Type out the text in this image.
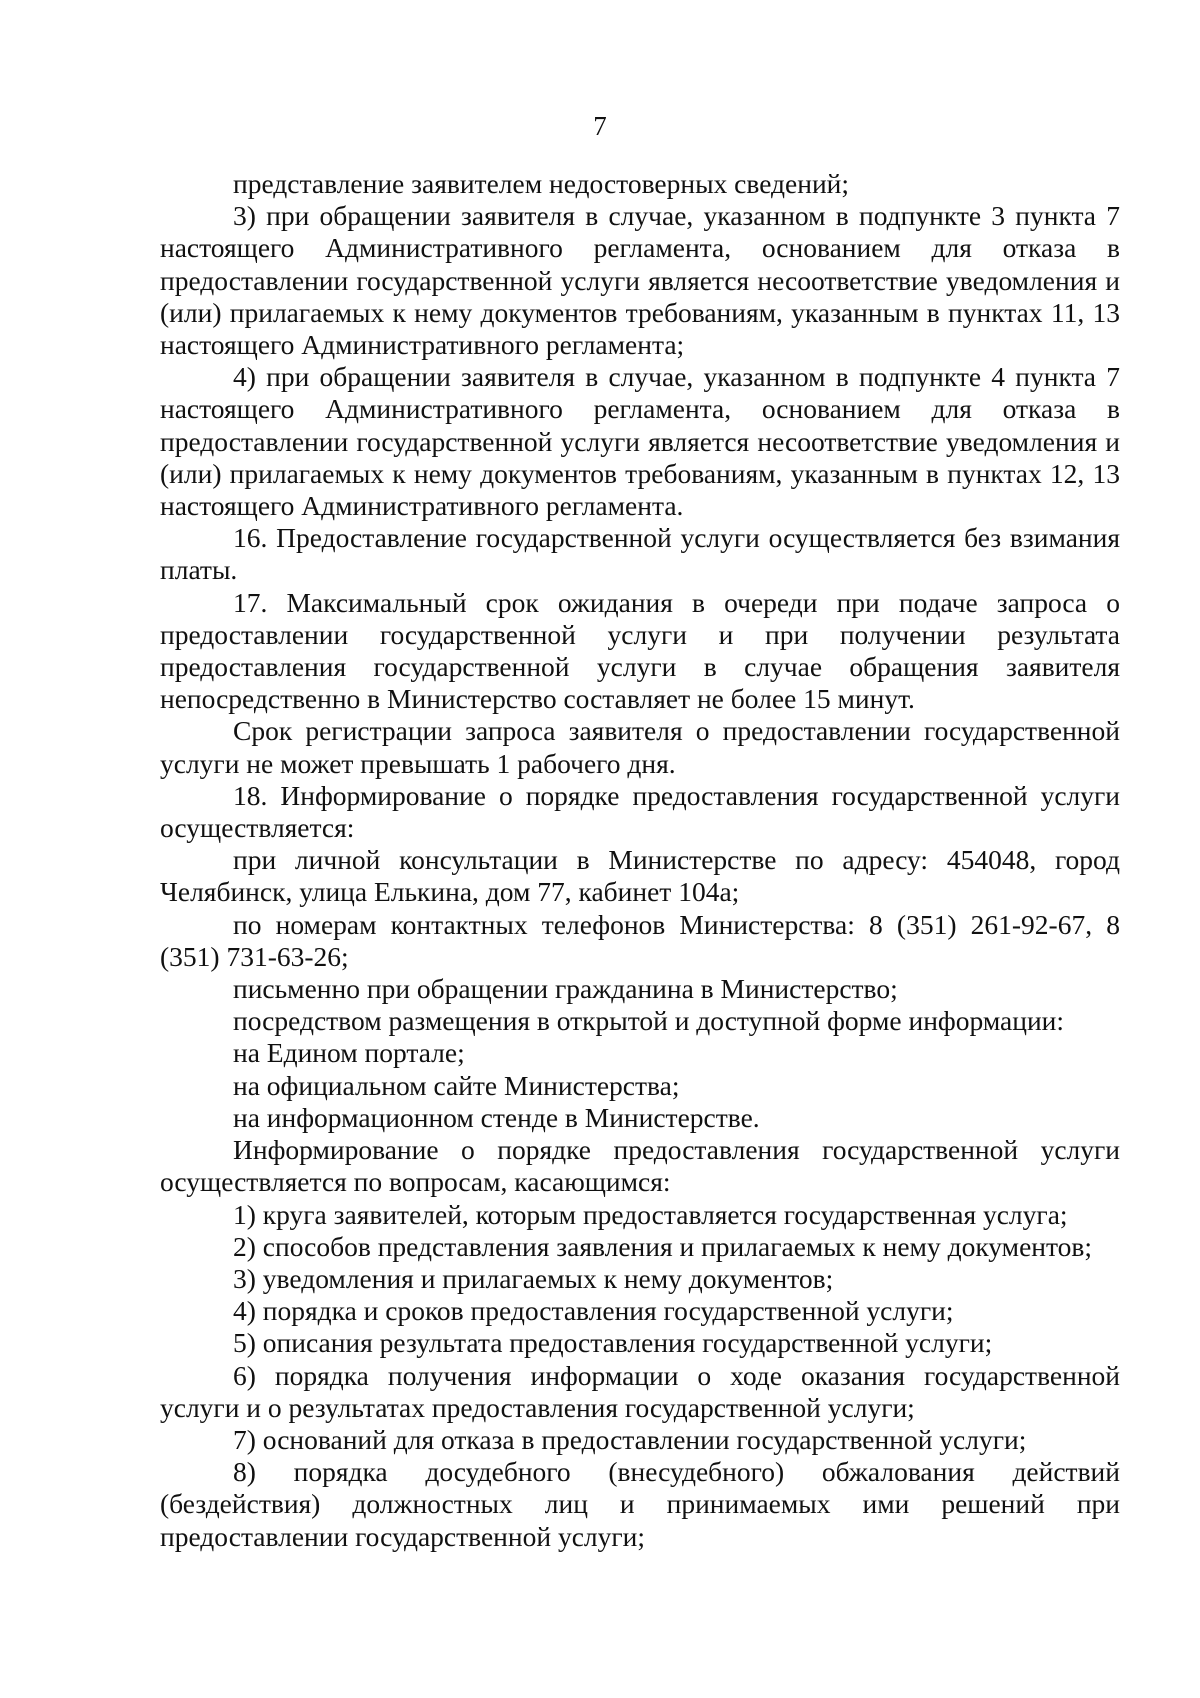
7

представление заявителем недостоверных сведений;

3) при обращении заявителя в случае, указанном в подпункте 3 пункта 7 настоящего Административного регламента, основанием для отказа в предоставлении государственной услуги является несоответствие уведомления и (или) прилагаемых к нему документов требованиям, указанным в пунктах 11, 13 настоящего Административного регламента;

4) при обращении заявителя в случае, указанном в подпункте 4 пункта 7 настоящего Административного регламента, основанием для отказа в предоставлении государственной услуги является несоответствие уведомления и (или) прилагаемых к нему документов требованиям, указанным в пунктах 12, 13 настоящего Административного регламента.

16. Предоставление государственной услуги осуществляется без взимания платы.

17. Максимальный срок ожидания в очереди при подаче запроса о предоставлении государственной услуги и при получении результата предоставления государственной услуги в случае обращения заявителя непосредственно в Министерство составляет не более 15 минут.

Срок регистрации запроса заявителя о предоставлении государственной услуги не может превышать 1 рабочего дня.

18. Информирование о порядке предоставления государственной услуги осуществляется:

при личной консультации в Министерстве по адресу: 454048, город Челябинск, улица Елькина, дом 77, кабинет 104а;

по номерам контактных телефонов Министерства: 8 (351) 261-92-67, 8 (351) 731-63-26;

письменно при обращении гражданина в Министерство;

посредством размещения в открытой и доступной форме информации:

на Едином портале;

на официальном сайте Министерства;

на информационном стенде в Министерстве.

Информирование о порядке предоставления государственной услуги осуществляется по вопросам, касающимся:

1) круга заявителей, которым предоставляется государственная услуга;

2) способов представления заявления и прилагаемых к нему документов;

3) уведомления и прилагаемых к нему документов;

4) порядка и сроков предоставления государственной услуги;

5) описания результата предоставления государственной услуги;

6) порядка получения информации о ходе оказания государственной услуги и о результатах предоставления государственной услуги;

7) оснований для отказа в предоставлении государственной услуги;

8) порядка досудебного (внесудебного) обжалования действий (бездействия) должностных лиц и принимаемых ими решений при предоставлении государственной услуги;
